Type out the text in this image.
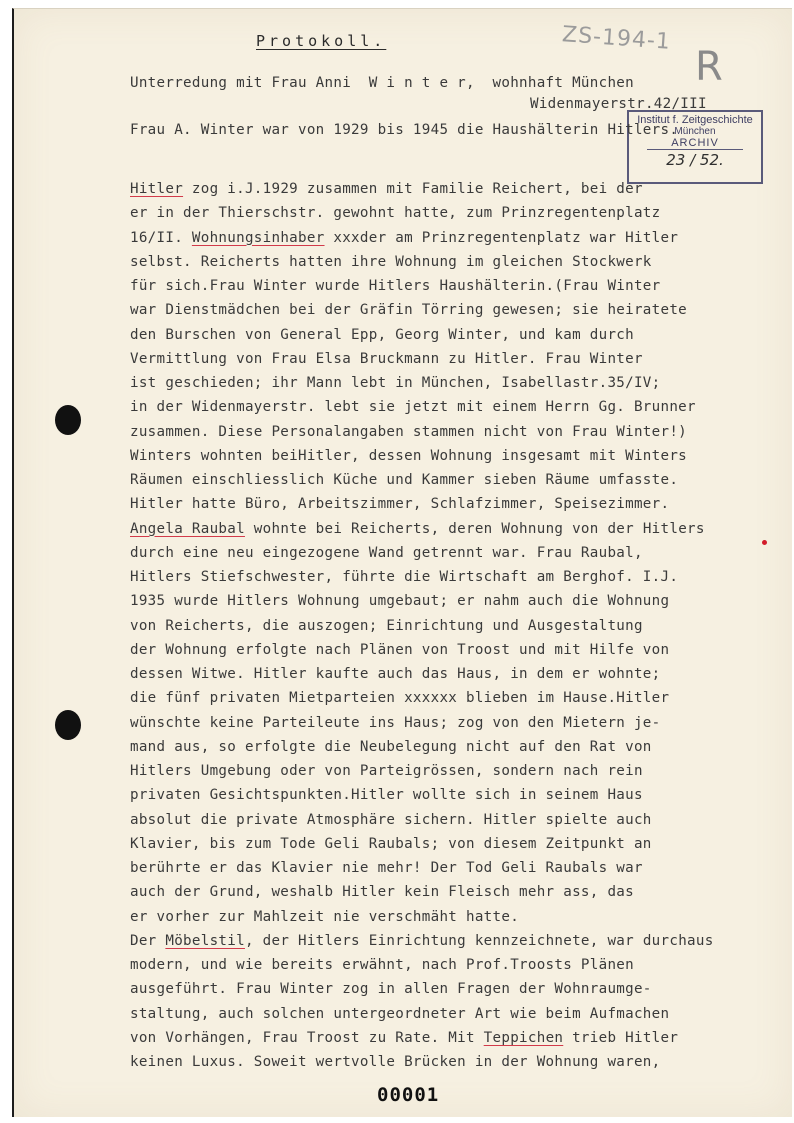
Protokoll.	ZS-194-1
R
Institut f. Zeitgeschichte
München
ARCHIV
23 / 52.
Unterredung mit Frau Anni  W i n t e r,  wohnhaft München
Widenmayerstr.42/III
Frau A. Winter war von 1929 bis 1945 die Haushälterin Hitlers.
Hitler zog i.J.1929 zusammen mit Familie Reichert, bei der
er in der Thierschstr. gewohnt hatte, zum Prinzregentenplatz
16/II. Wohnungsinhaber xxxder am Prinzregentenplatz war Hitler
selbst. Reicherts hatten ihre Wohnung im gleichen Stockwerk
für sich.Frau Winter wurde Hitlers Haushälterin.(Frau Winter
war Dienstmädchen bei der Gräfin Törring gewesen; sie heiratete
den Burschen von General Epp, Georg Winter, und kam durch
Vermittlung von Frau Elsa Bruckmann zu Hitler. Frau Winter
ist geschieden; ihr Mann lebt in München, Isabellastr.35/IV;
in der Widenmayerstr. lebt sie jetzt mit einem Herrn Gg. Brunner
zusammen. Diese Personalangaben stammen nicht von Frau Winter!)
Winters wohnten beiHitler, dessen Wohnung insgesamt mit Winters
Räumen einschliesslich Küche und Kammer sieben Räume umfasste.
Hitler hatte Büro, Arbeitszimmer, Schlafzimmer, Speisezimmer.
Angela Raubal wohnte bei Reicherts, deren Wohnung von der Hitlers
durch eine neu eingezogene Wand getrennt war. Frau Raubal,
Hitlers Stiefschwester, führte die Wirtschaft am Berghof. I.J.
1935 wurde Hitlers Wohnung umgebaut; er nahm auch die Wohnung
von Reicherts, die auszogen; Einrichtung und Ausgestaltung
der Wohnung erfolgte nach Plänen von Troost und mit Hilfe von
dessen Witwe. Hitler kaufte auch das Haus, in dem er wohnte;
die fünf privaten Mietparteien xxxxxx blieben im Hause.Hitler
wünschte keine Parteileute ins Haus; zog von den Mietern je-
mand aus, so erfolgte die Neubelegung nicht auf den Rat von
Hitlers Umgebung oder von Parteigrössen, sondern nach rein
privaten Gesichtspunkten.Hitler wollte sich in seinem Haus
absolut die private Atmosphäre sichern. Hitler spielte auch
Klavier, bis zum Tode Geli Raubals; von diesem Zeitpunkt an
berührte er das Klavier nie mehr! Der Tod Geli Raubals war
auch der Grund, weshalb Hitler kein Fleisch mehr ass, das
er vorher zur Mahlzeit nie verschmäht hatte.
Der Möbelstil, der Hitlers Einrichtung kennzeichnete, war durchaus
modern, und wie bereits erwähnt, nach Prof.Troosts Plänen
ausgeführt. Frau Winter zog in allen Fragen der Wohnraumge-
staltung, auch solchen untergeordneter Art wie beim Aufmachen
von Vorhängen, Frau Troost zu Rate. Mit Teppichen trieb Hitler
keinen Luxus. Soweit wertvolle Brücken in der Wohnung waren,
00001
